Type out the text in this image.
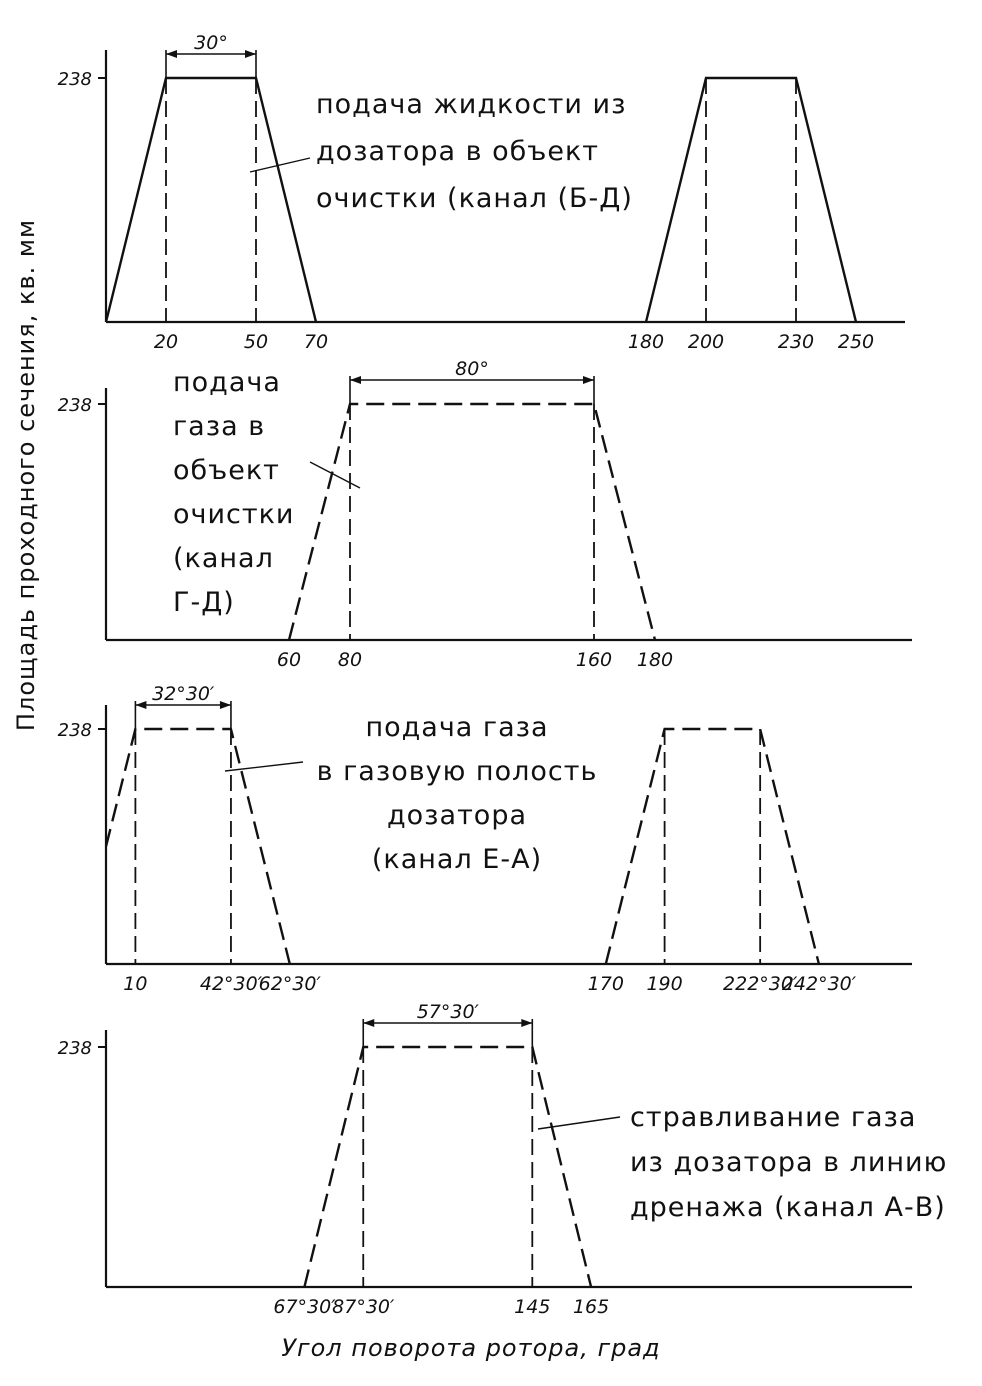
Площадь проходного сечения, кв. мм
Угол поворота ротора, град
238
30°
20	50 70	180 200	230 250
подача жидкости из
дозатора в объект
очистки (канал (Б-Д)
238
80°
60 80	160 180
подача
газа в
объект
очистки
(канал
Г-Д)
238
32°30′
10	42°30′
62°30′	170 190 222°30′
242°30′
подача газа
в газовую полость
дозатора
(канал Е-А)
238
57°30′
67°30′
87°30′	145 165
стравливание газа
из дозатора в линию
дренажа (канал А-В)
